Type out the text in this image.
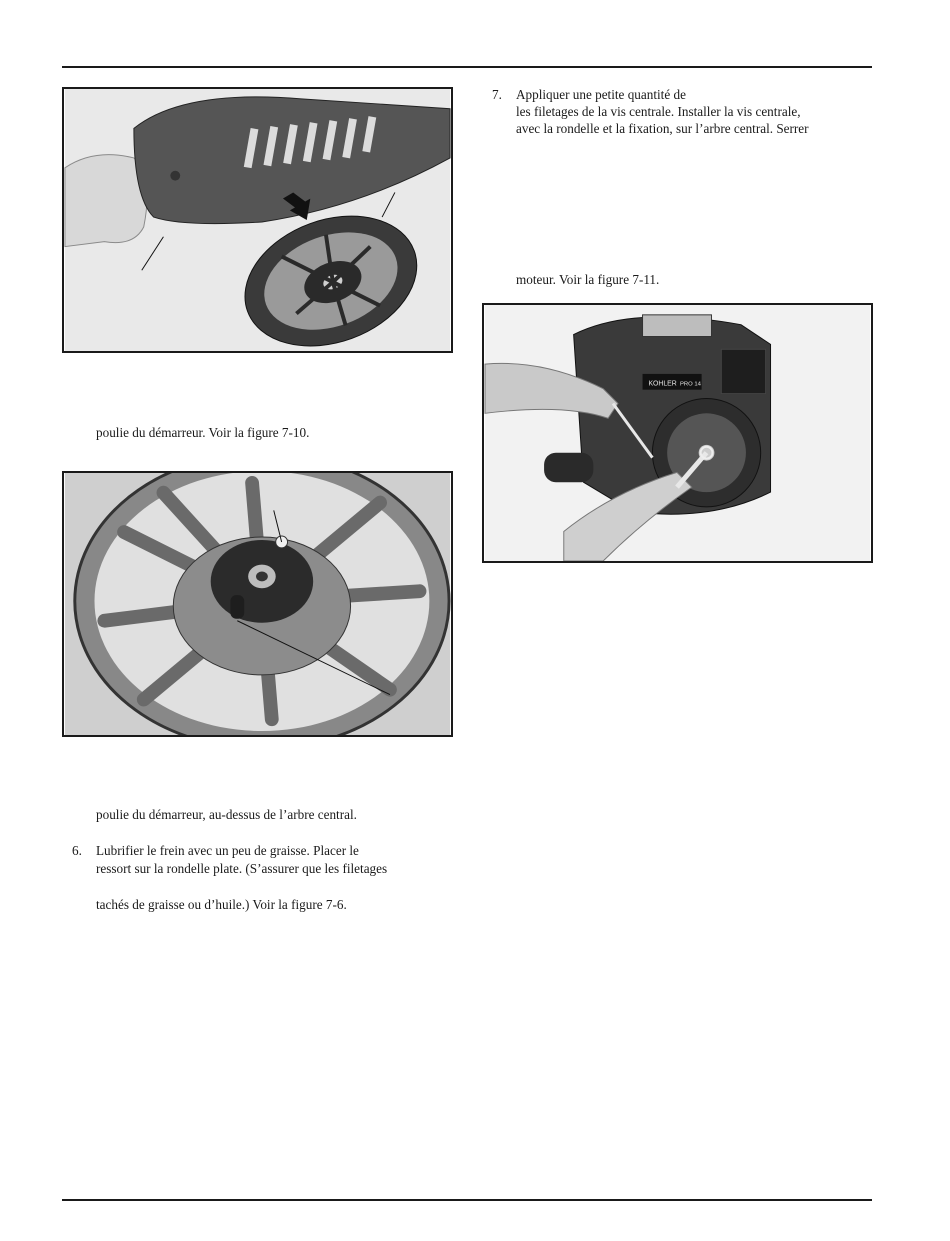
poulie du démarreur. Voir la figure 7-10.
poulie du démarreur, au-dessus de l’arbre central.
6. Lubrifier le frein avec un peu de graisse. Placer le
ressort sur la rondelle plate. (S’assurer que les filetages
tachés de graisse ou d’huile.) Voir la figure 7-6.
7. Appliquer une petite quantité de
les filetages de la vis centrale. Installer la vis centrale,
avec la rondelle et la fixation, sur l’arbre central. Serrer
moteur. Voir la figure 7-11.
KOHLER PRO 14
